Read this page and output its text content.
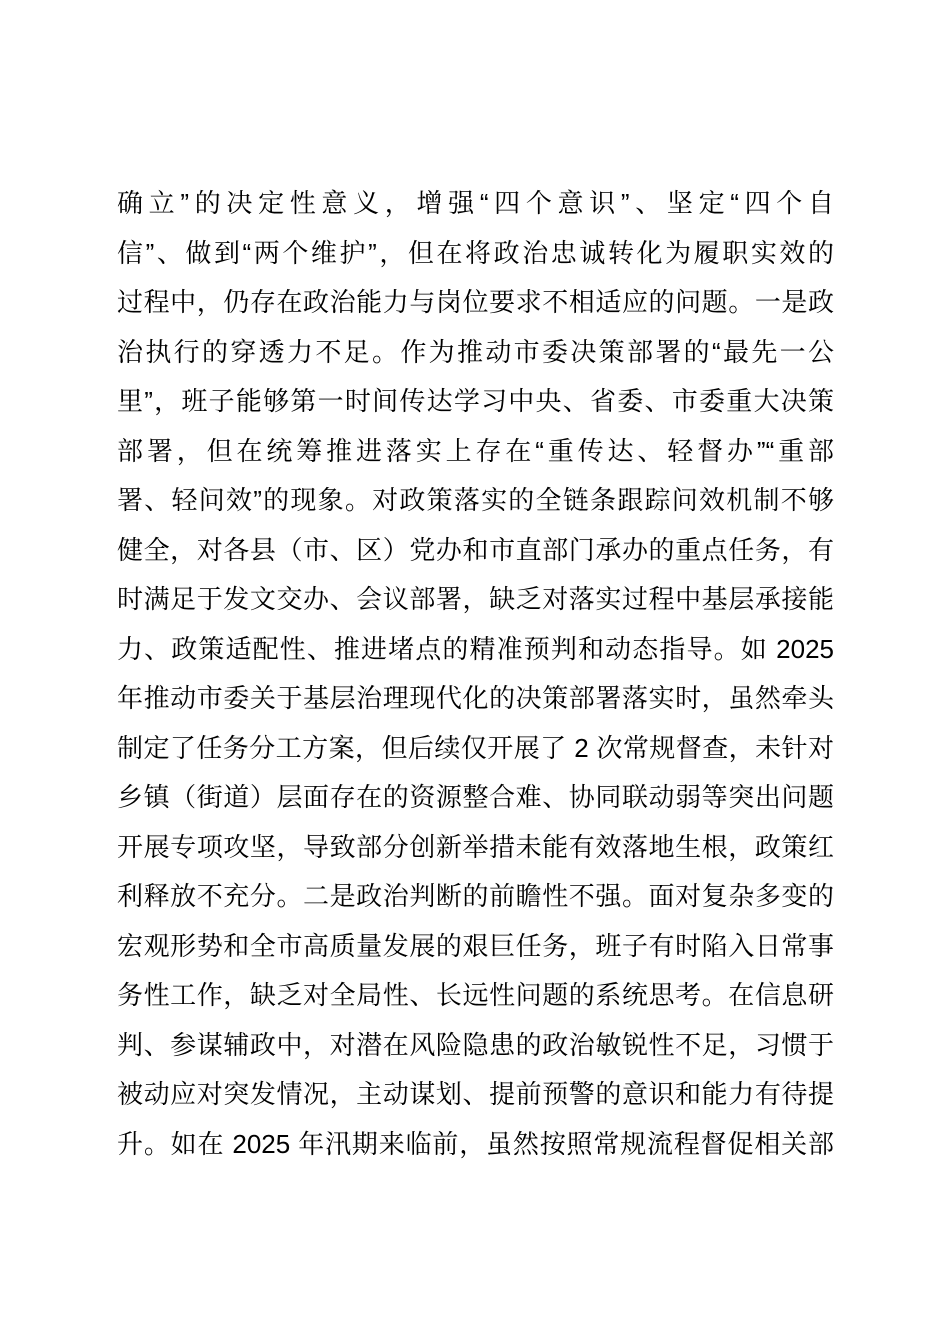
确立”的决定性意义，增强“四个意识”、坚定“四个自
信”、做到“两个维护”，但在将政治忠诚转化为履职实效的
过程中，仍存在政治能力与岗位要求不相适应的问题。一是政
治执行的穿透力不足。作为推动市委决策部署的“最先一公
里”，班子能够第一时间传达学习中央、省委、市委重大决策
部署，但在统筹推进落实上存在“重传达、轻督办”“重部
署、轻问效”的现象。对政策落实的全链条跟踪问效机制不够
健全，对各县（市、区）党办和市直部门承办的重点任务，有
时满足于发文交办、会议部署，缺乏对落实过程中基层承接能
力、政策适配性、推进堵点的精准预判和动态指导。如 2025
年推动市委关于基层治理现代化的决策部署落实时，虽然牵头
制定了任务分工方案，但后续仅开展了 2 次常规督查，未针对
乡镇（街道）层面存在的资源整合难、协同联动弱等突出问题
开展专项攻坚，导致部分创新举措未能有效落地生根，政策红
利释放不充分。二是政治判断的前瞻性不强。面对复杂多变的
宏观形势和全市高质量发展的艰巨任务，班子有时陷入日常事
务性工作，缺乏对全局性、长远性问题的系统思考。在信息研
判、参谋辅政中，对潜在风险隐患的政治敏锐性不足，习惯于
被动应对突发情况，主动谋划、提前预警的意识和能力有待提
升。如在 2025 年汛期来临前，虽然按照常规流程督促相关部
